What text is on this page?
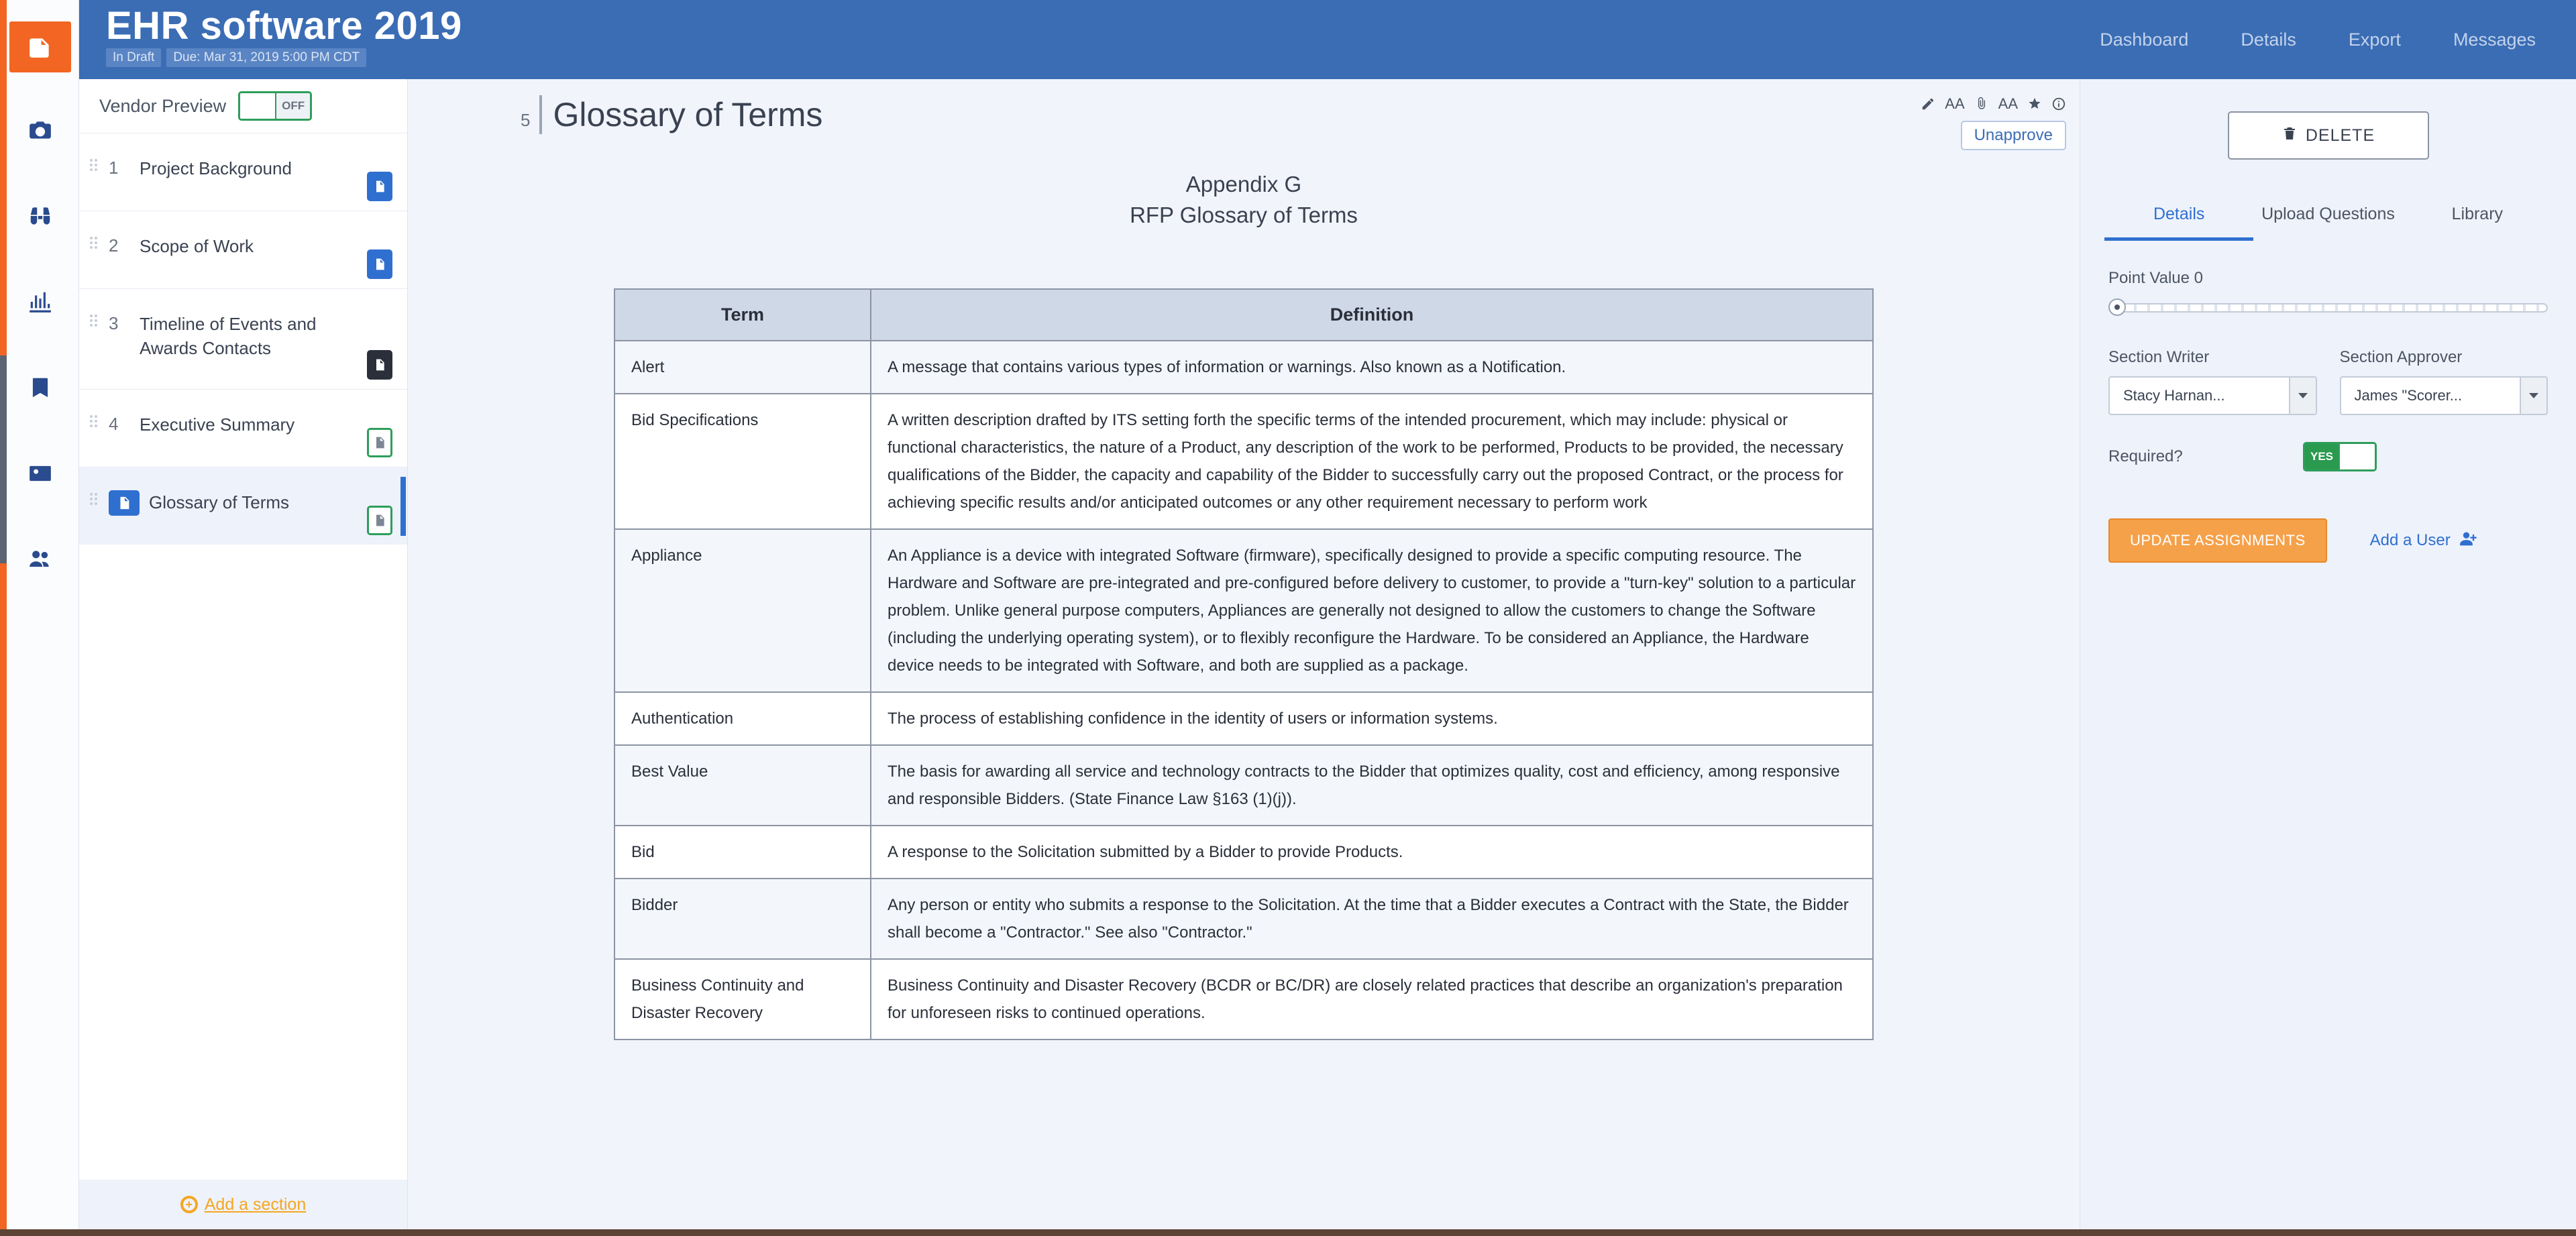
EHR software 2019
In Draft	Due: Mar 31, 2019 5:00 PM CDT
Dashboard	Details	Export	Messages
Vendor Preview	OFF
1	Project Background
2	Scope of Work
3	Timeline of Events and Awards Contacts
4	Executive Summary
Glossary of Terms
+ Add a section
5 Glossary of Terms	AA AA
Unapprove
Appendix G
RFP Glossary of Terms
Term	Definition
Alert	A message that contains various types of information or warnings. Also known as a Notification.
Bid Specifications	A written description drafted by ITS setting forth the specific terms of the intended procurement, which may include: physical or functional characteristics, the nature of a Product, any description of the work to be performed, Products to be provided, the necessary qualifications of the Bidder, the capacity and capability of the Bidder to successfully carry out the proposed Contract, or the process for achieving specific results and/or anticipated outcomes or any other requirement necessary to perform work
Appliance	An Appliance is a device with integrated Software (firmware), specifically designed to provide a specific computing resource. The Hardware and Software are pre-integrated and pre-configured before delivery to customer, to provide a "turn-key" solution to a particular problem. Unlike general purpose computers, Appliances are generally not designed to allow the customers to change the Software (including the underlying operating system), or to flexibly reconfigure the Hardware. To be considered an Appliance, the Hardware device needs to be integrated with Software, and both are supplied as a package.
Authentication	The process of establishing confidence in the identity of users or information systems.
Best Value	The basis for awarding all service and technology contracts to the Bidder that optimizes quality, cost and efficiency, among responsive and responsible Bidders. (State Finance Law §163 (1)(j)).
Bid	A response to the Solicitation submitted by a Bidder to provide Products.
Bidder	Any person or entity who submits a response to the Solicitation. At the time that a Bidder executes a Contract with the State, the Bidder shall become a "Contractor." See also "Contractor."
Business Continuity and Disaster Recovery	Business Continuity and Disaster Recovery (BCDR or BC/DR) are closely related practices that describe an organization's preparation for unforeseen risks to continued operations.
DELETE
Details	Upload Questions	Library
Point Value 0
Section Writer
Stacy Harnan...
Section Approver
James "Scorer...
Required?	YES
UPDATE ASSIGNMENTS	Add a User
